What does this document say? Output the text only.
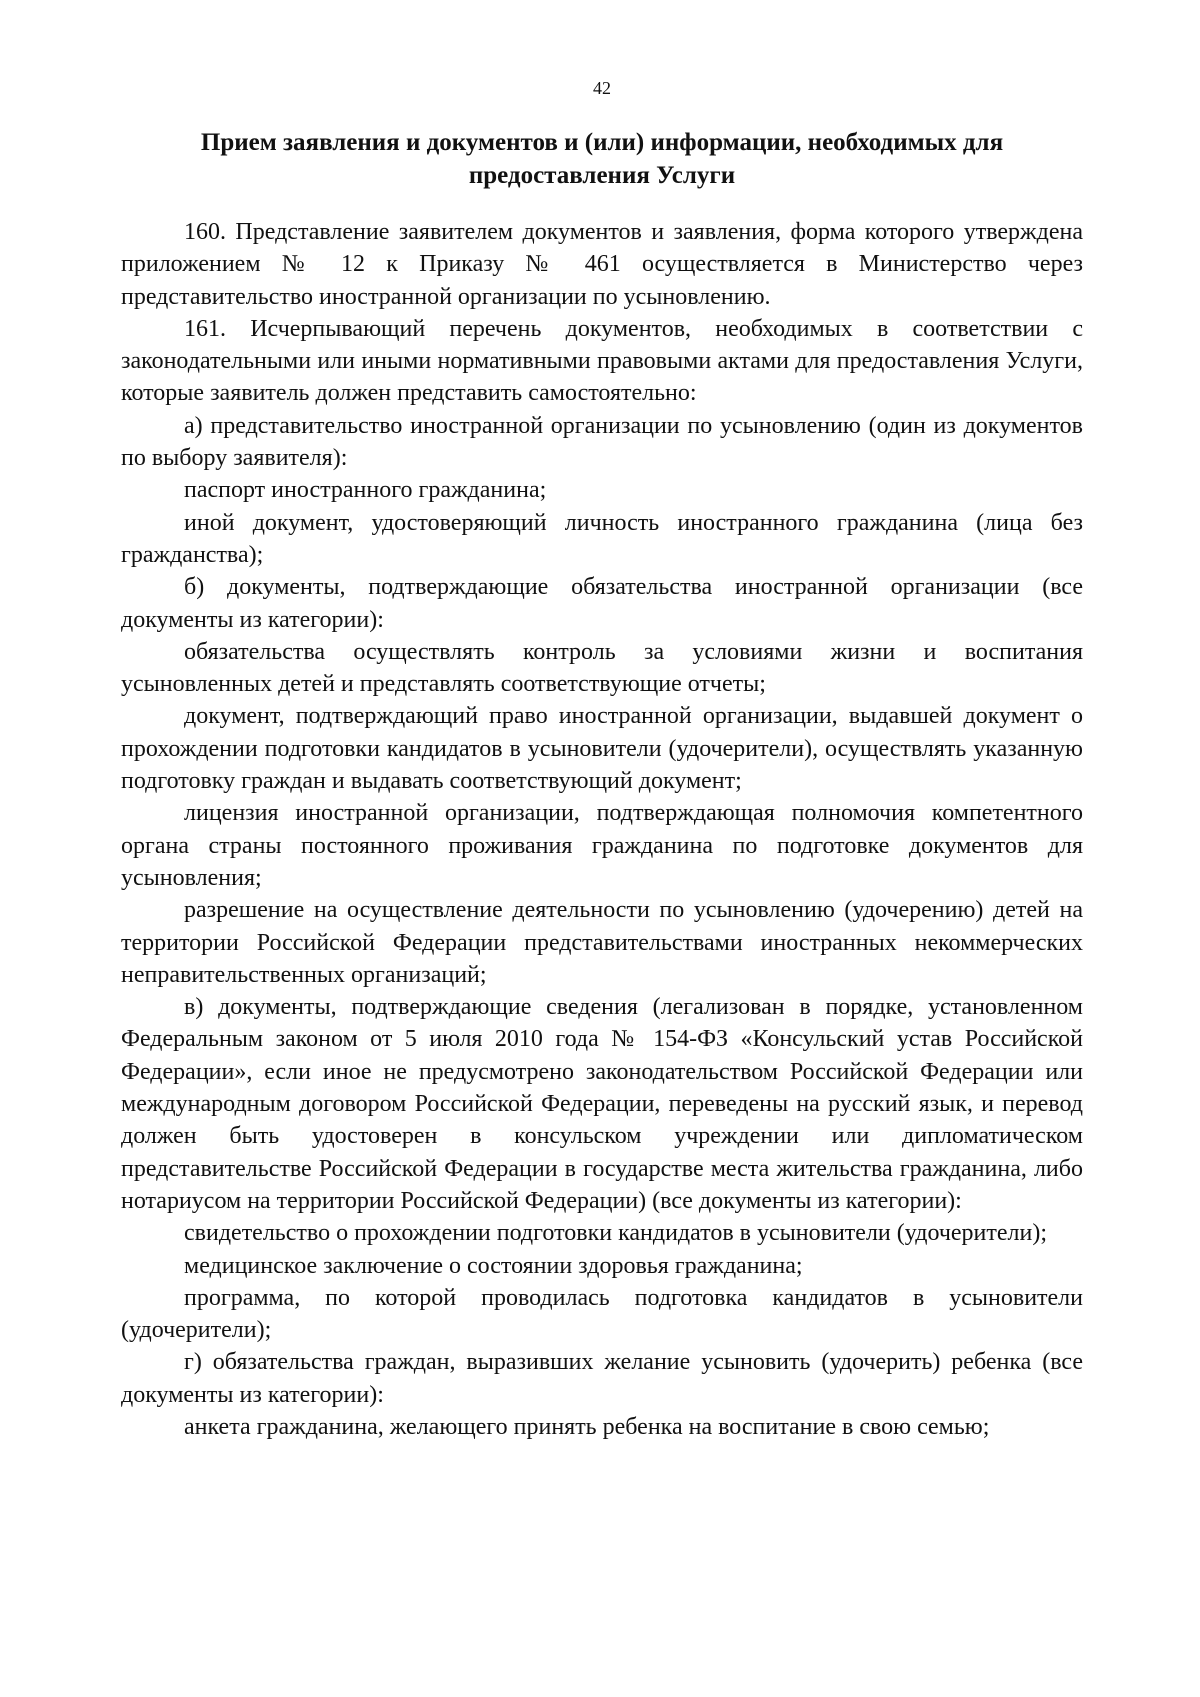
42
Прием заявления и документов и (или) информации, необходимых для
предоставления Услуги

160. Представление заявителем документов и заявления, форма которого утверждена приложением № 12 к Приказу № 461 осуществляется в Министерство через представительство иностранной организации по усыновлению.

161. Исчерпывающий перечень документов, необходимых в соответствии с законодательными или иными нормативными правовыми актами для предоставления Услуги, которые заявитель должен представить самостоятельно:

а) представительство иностранной организации по усыновлению (один из документов по выбору заявителя):

паспорт иностранного гражданина;

иной документ, удостоверяющий личность иностранного гражданина (лица без гражданства);

б) документы, подтверждающие обязательства иностранной организации (все документы из категории):

обязательства осуществлять контроль за условиями жизни и воспитания усыновленных детей и представлять соответствующие отчеты;

документ, подтверждающий право иностранной организации, выдавшей документ о прохождении подготовки кандидатов в усыновители (удочерители), осуществлять указанную подготовку граждан и выдавать соответствующий документ;

лицензия иностранной организации, подтверждающая полномочия компетентного органа страны постоянного проживания гражданина по подготовке документов для усыновления;

разрешение на осуществление деятельности по усыновлению (удочерению) детей на территории Российской Федерации представительствами иностранных некоммерческих неправительственных организаций;

в) документы, подтверждающие сведения (легализован в порядке, установленном Федеральным законом от 5 июля 2010 года № 154-ФЗ «Консульский устав Российской Федерации», если иное не предусмотрено законодательством Российской Федерации или международным договором Российской Федерации, переведены на русский язык, и перевод должен быть удостоверен в консульском учреждении или дипломатическом представительстве Российской Федерации в государстве места жительства гражданина, либо нотариусом на территории Российской Федерации) (все документы из категории):

свидетельство о прохождении подготовки кандидатов в усыновители (удочерители);

медицинское заключение о состоянии здоровья гражданина;

программа, по которой проводилась подготовка кандидатов в усыновители (удочерители);

г) обязательства граждан, выразивших желание усыновить (удочерить) ребенка (все документы из категории):

анкета гражданина, желающего принять ребенка на воспитание в свою семью;
